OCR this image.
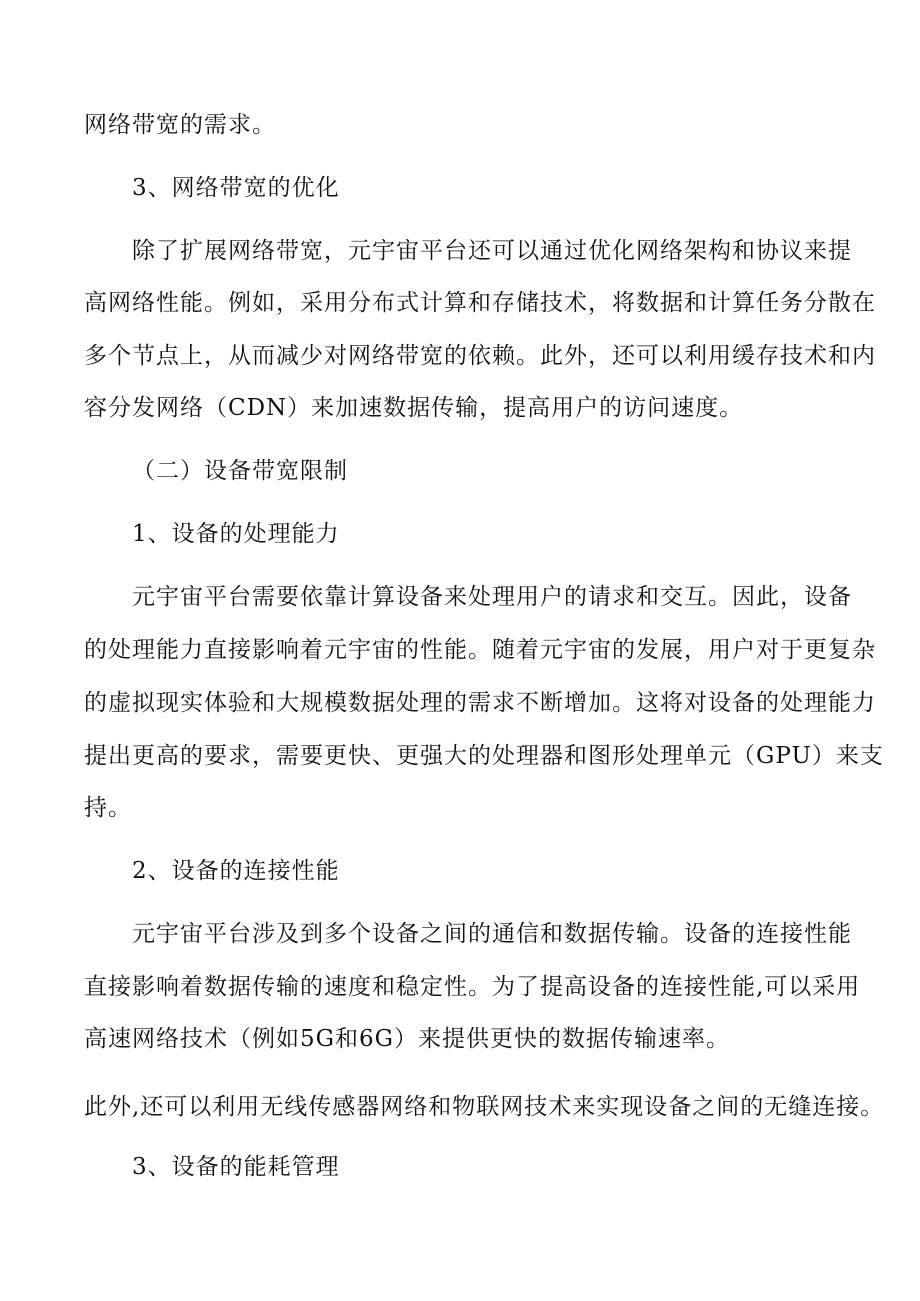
网络带宽的需求。
3、网络带宽的优化
除了扩展网络带宽，元宇宙平台还可以通过优化网络架构和协议来提
高网络性能。例如，采用分布式计算和存储技术，将数据和计算任务分散在
多个节点上，从而减少对网络带宽的依赖。此外，还可以利用缓存技术和内
容分发网络（CDN）来加速数据传输，提高用户的访问速度。
（二）设备带宽限制
1、设备的处理能力
元宇宙平台需要依靠计算设备来处理用户的请求和交互。因此，设备
的处理能力直接影响着元宇宙的性能。随着元宇宙的发展，用户对于更复杂
的虚拟现实体验和大规模数据处理的需求不断增加。这将对设备的处理能力
提出更高的要求，需要更快、更强大的处理器和图形处理单元（GPU）来支
持。
2、设备的连接性能
元宇宙平台涉及到多个设备之间的通信和数据传输。设备的连接性能
直接影响着数据传输的速度和稳定性。为了提高设备的连接性能,可以采用
高速网络技术（例如5G和6G）来提供更快的数据传输速率。
此外,还可以利用无线传感器网络和物联网技术来实现设备之间的无缝连接。
3、设备的能耗管理
